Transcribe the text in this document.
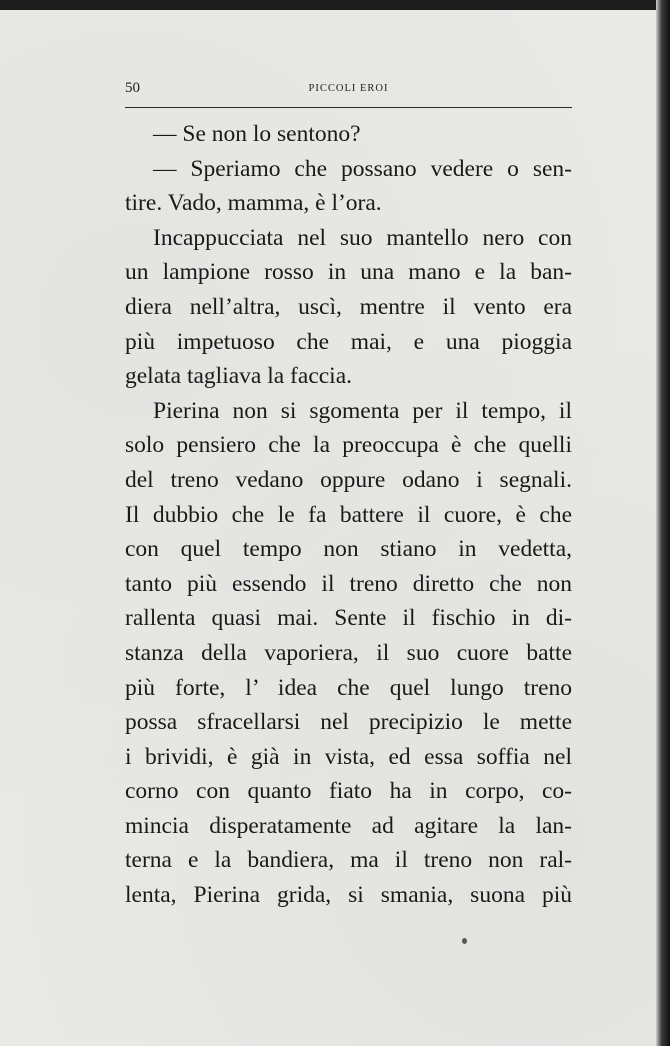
50	PICCOLI EROI
— Se non lo sentono?
— Speriamo che possano vedere o sen-
tire. Vado, mamma, è l’ora.
Incappucciata nel suo mantello nero con
un lampione rosso in una mano e la ban-
diera nell’altra, uscì, mentre il vento era
più impetuoso che mai, e una pioggia
gelata tagliava la faccia.
Pierina non si sgomenta per il tempo, il
solo pensiero che la preoccupa è che quelli
del treno vedano oppure odano i segnali.
Il dubbio che le fa battere il cuore, è che
con quel tempo non stiano in vedetta,
tanto più essendo il treno diretto che non
rallenta quasi mai. Sente il fischio in di-
stanza della vaporiera, il suo cuore batte
più forte, l’ idea che quel lungo treno
possa sfracellarsi nel precipizio le mette
i brividi, è già in vista, ed essa soffia nel
corno con quanto fiato ha in corpo, co-
mincia disperatamente ad agitare la lan-
terna e la bandiera, ma il treno non ral-
lenta, Pierina grida, si smania, suona più
